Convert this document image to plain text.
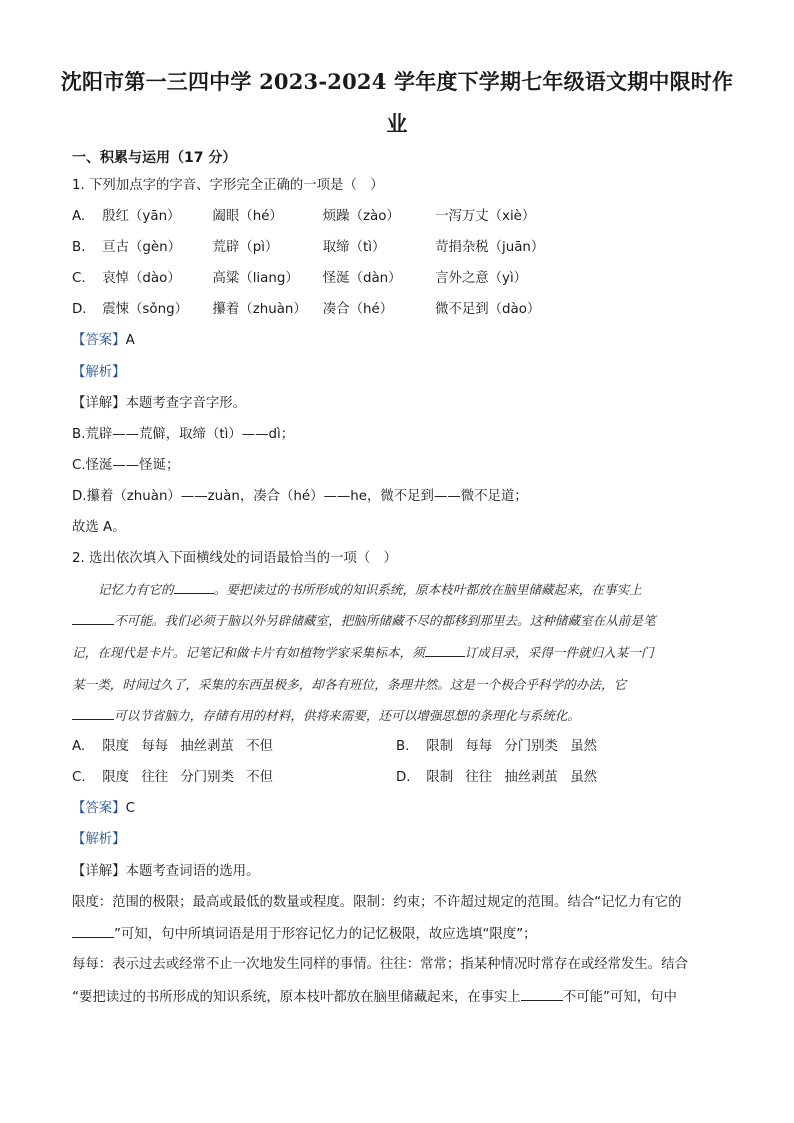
沈阳市第一三四中学 2023-2024 学年度下学期七年级语文期中限时作
业
一、积累与运用（17 分）
1. 下列加点字的字音、字形完全正确的一项是（　）
A. 殷红（yān） 阖眼（hé）	烦躁（zào）	一泻万丈（xiè）
B. 亘古（gèn） 荒辟（pì）	取缔（tì）	苛捐杂税（juān）
C. 哀悼（dào） 高粱（liang） 怪涎（dàn）	言外之意（yì）
D. 震悚（sǒng） 攥着（zhuàn） 凑合（hé）	微不足到（dào）
【答案】A
【解析】
【详解】本题考查字音字形。
B.荒辟——荒僻，取缔（tì）——dì；
C.怪涎——怪诞；
D.攥着（zhuàn）——zuàn，凑合（hé）——he，微不足到——微不足道；
故选 A。
2. 选出依次填入下面横线处的词语最恰当的一项（　）
记忆力有它的	。要把读过的书所形成的知识系统，原本枝叶都放在脑里储藏起来，在事实上
不可能。我们必须于脑以外另辟储藏室，把脑所储藏不尽的都移到那里去。这种储藏室在从前是笔
记，在现代是卡片。记笔记和做卡片有如植物学家采集标本，须	订成目录，采得一件就归入某一门
某一类，时间过久了，采集的东西虽极多，却各有班位，条理井然。这是一个极合乎科学的办法，它
可以节省脑力，存储有用的材料，供将来需要，还可以增强思想的条理化与系统化。
A. 限度 每每 抽丝剥茧 不但	B. 限制 每每 分门别类 虽然
C. 限度 往往 分门别类 不但	D. 限制 往往 抽丝剥茧 虽然
【答案】C
【解析】
【详解】本题考查词语的选用。
限度：范围的极限；最高或最低的数量或程度。限制：约束；不许超过规定的范围。结合“记忆力有它的
”可知，句中所填词语是用于形容记忆力的记忆极限，故应选填“限度”；
每每：表示过去或经常不止一次地发生同样的事情。往往：常常；指某种情况时常存在或经常发生。结合
“要把读过的书所形成的知识系统，原本枝叶都放在脑里储藏起来，在事实上	不可能”可知，句中
